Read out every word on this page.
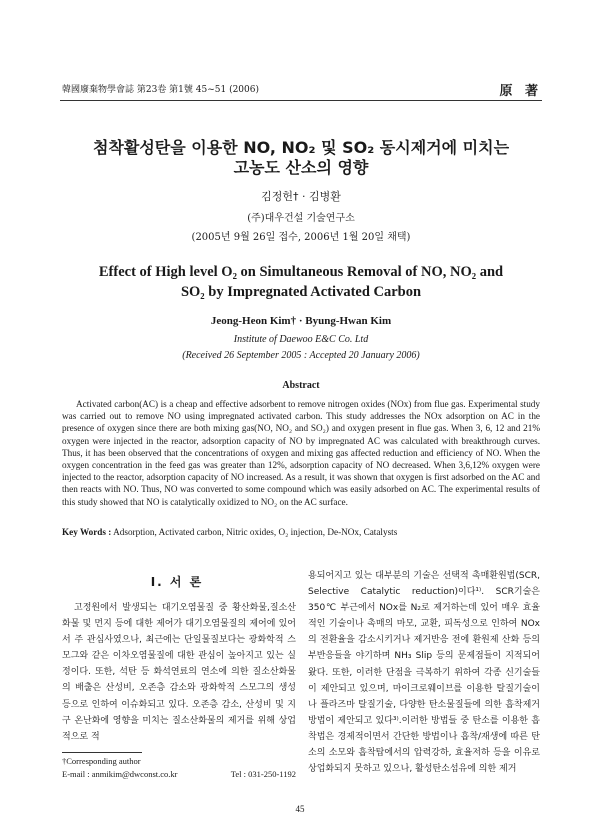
韓國廢棄物學會誌 第23卷 第1號 45~51 (2006)	原 著
첨착활성탄을 이용한 NO, NO₂ 및 SO₂ 동시제거에 미치는
고농도 산소의 영향
김정헌† · 김병환
(주)대우건설 기술연구소
(2005년 9월 26일 접수, 2006년 1월 20일 채택)
Effect of High level O₂ on Simultaneous Removal of NO, NO₂ and
SO₂ by Impregnated Activated Carbon
Jeong-Heon Kim† · Byung-Hwan Kim
Institute of Daewoo E&C Co. Ltd
(Received 26 September 2005 : Accepted 20 January 2006)
Abstract
Activated carbon(AC) is a cheap and effective adsorbent to remove nitrogen oxides (NOx) from flue gas. Experimental study was carried out to remove NO using impregnated activated carbon. This study addresses the NOx adsorption on AC in the presence of oxygen since there are both mixing gas(NO, NO₂ and SO₂) and oxygen present in flue gas. When 3, 6, 12 and 21% oxygen were injected in the reactor, adsorption capacity of NO by impregnated AC was calculated with breakthrough curves. Thus, it has been observed that the concentrations of oxygen and mixing gas affected reduction and efficiency of NO. When the oxygen concentration in the feed gas was greater than 12%, adsorption capacity of NO decreased. When 3,6,12% oxygen were injected to the reactor, adsorption capacity of NO increased. As a result, it was shown that oxygen is first adsorbed on the AC and then reacts with NO. Thus, NO was converted to some compound which was easily adsorbed on AC. The experimental results of this study showed that NO is catalytically oxidized to NO₂ on the AC surface.
Key Words : Adsorption, Activated carbon, Nitric oxides, O₂ injection, De-NOx, Catalysts
I. 서 론
고정원에서 발생되는 대기오염물질 중 황산화물,질소산화물 및 먼지 등에 대한 제어가 대기오염물질의 제어에 있어서 주 관심사였으나, 최근에는 단일물질보다는 광화학적 스모그와 같은 이차오염물질에 대한 관심이 높아지고 있는 실정이다. 또한, 석탄 등 화석연료의 연소에 의한 질소산화물의 배출은 산성비, 오존층 감소와 광화학적 스모그의 생성 등으로 인하여 이슈화되고 있다. 오존층 감소, 산성비 및 지구 온난화에 영향을 미치는 질소산화물의 제거를 위해 상업적으로 적
용되어지고 있는 대부분의 기술은 선택적 촉매환원법(SCR, Selective Catalytic reduction)이다¹⁾. SCR기술은 350℃ 부근에서 NOx를 N₂로 제거하는데 있어 매우 효율적인 기술이나 촉매의 마모, 교환, 피독성으로 인하여 NOx의 전환율을 감소시키거나 제거반응 전에 환원제 산화 등의 부반응들을 야기하며 NH₃ Slip 등의 문제점들이 지적되어 왔다. 또한, 이러한 단점을 극복하기 위하여 각종 신기술들이 제안되고 있으며, 마이크로웨이브를 이용한 탈질기술이나 플라즈마 탈질기술, 다양한 탄소물질들에 의한 흡착제거방법이 제안되고 있다³⁾.이러한 방법들 중 탄소를 이용한 흡착법은 경제적이면서 간단한 방법이나 흡착/재생에 따른 탄소의 소모와 흡착탑에서의 압력강하, 효율저하 등을 이유로 상업화되지 못하고 있으나, 활성탄소섬유에 의한 제거
†Corresponding author
E-mail : anmikim@dwconst.co.kr	Tel : 031-250-1192
45
